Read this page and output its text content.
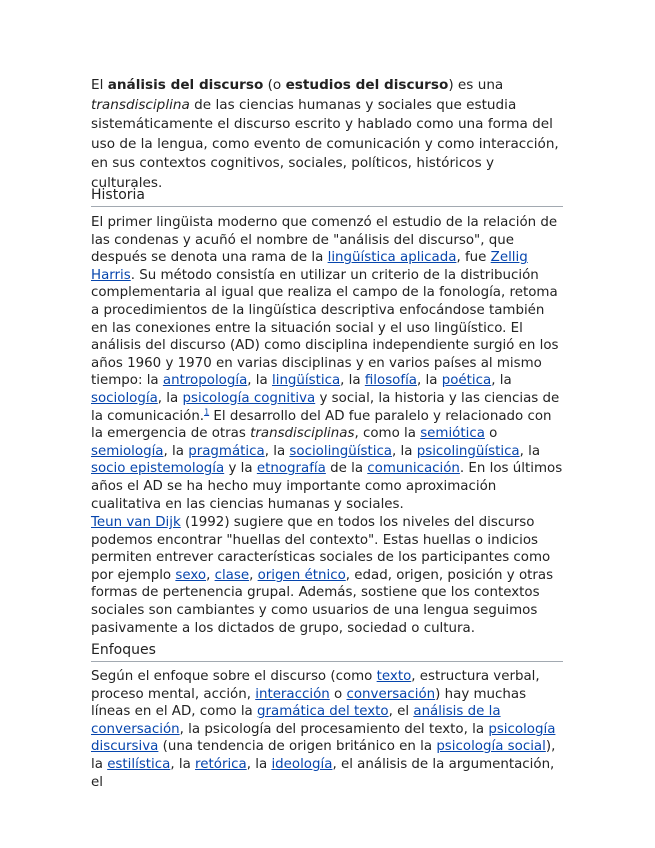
El análisis del discurso (o estudios del discurso) es una transdisciplina de las ciencias humanas y sociales que estudia sistemáticamente el discurso escrito y hablado como una forma del uso de la lengua, como evento de comunicación y como interacción, en sus contextos cognitivos, sociales, políticos, históricos y culturales.

Historia

El primer lingüista moderno que comenzó el estudio de la relación de las condenas y acuñó el nombre de "análisis del discurso", que después se denota una rama de la lingüística aplicada, fue Zellig Harris. Su método consistía en utilizar un criterio de la distribución complementaria al igual que realiza el campo de la fonología, retoma a procedimientos de la lingüística descriptiva enfocándose también en las conexiones entre la situación social y el uso lingüístico. El análisis del discurso (AD) como disciplina independiente surgió en los años 1960 y 1970 en varias disciplinas y en varios países al mismo tiempo: la antropología, la lingüística, la filosofía, la poética, la sociología, la psicología cognitiva y social, la historia y las ciencias de la comunicación.$^1$ El desarrollo del AD fue paralelo y relacionado con la emergencia de otras transdisciplinas, como la semiótica o semiología, la pragmática, la sociolingüística, la psicolingüística, la socio epistemología y la etnografía de la comunicación. En los últimos años el AD se ha hecho muy importante como aproximación cualitativa en las ciencias humanas y sociales.

Teun van Dijk (1992) sugiere que en todos los niveles del discurso podemos encontrar "huellas del contexto". Estas huellas o indicios permiten entrever características sociales de los participantes como por ejemplo sexo, clase, origen étnico, edad, origen, posición y otras formas de pertenencia grupal. Además, sostiene que los contextos sociales son cambiantes y como usuarios de una lengua seguimos pasivamente a los dictados de grupo, sociedad o cultura.

Enfoques

Según el enfoque sobre el discurso (como texto, estructura verbal, proceso mental, acción, interacción o conversación) hay muchas líneas en el AD, como la gramática del texto, el análisis de la conversación, la psicología del procesamiento del texto, la psicología discursiva (una tendencia de origen británico en la psicología social), la estilística, la retórica, la ideología, el análisis de la argumentación, el
